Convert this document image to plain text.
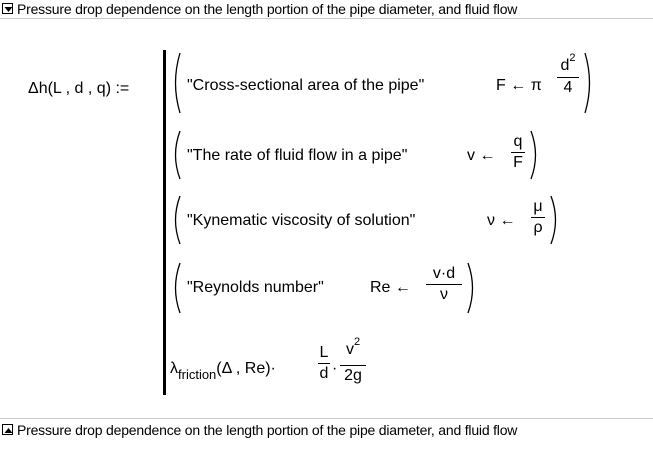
Pressure drop dependence on the length portion of the pipe diameter, and fluid flow
Δh(L , d , q) :=	"Cross-sectional area of the pipe"	F ← π
$d^2$
4
"The rate of fluid flow in a pipe"	v ←
q
F
"Kynematic viscosity of solution"	ν ←
μ
ρ
"Reynolds number"	Re ←
v·d
ν
$\lambda_{friction}(\Delta$ , Re)·
L
d ·
$v^2$
2g
Pressure drop dependence on the length portion of the pipe diameter, and fluid flow
